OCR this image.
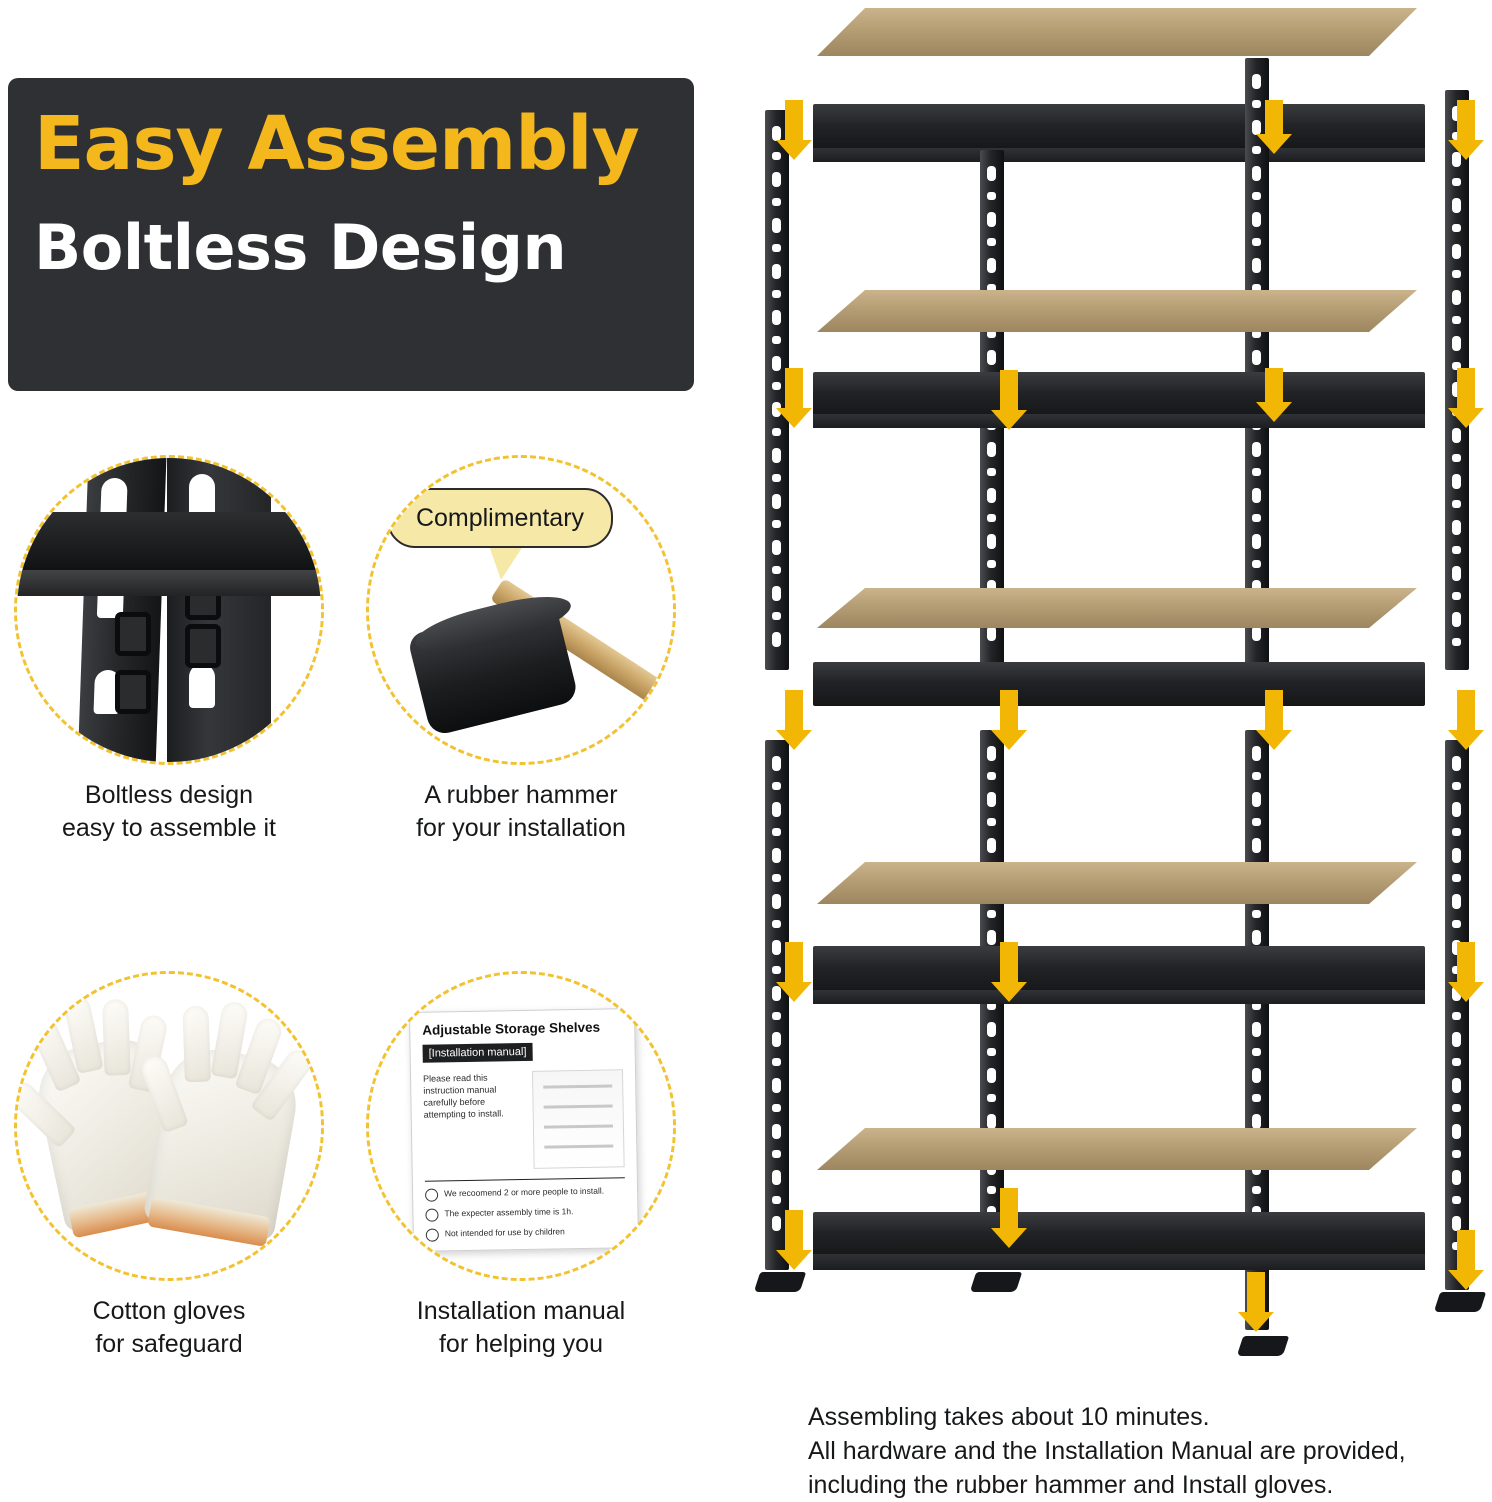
Easy Assembly
Boltless Design
Boltless design
easy to assemble it
Complimentary
A rubber hammer
for your installation
Cotton gloves
for safeguard
Adjustable Storage Shelves
[Installation manual]
Please read this instruction manual carefully before attempting to install.
We recoomend 2 or more people to install.
The expecter assembly time is 1h.
Not intended for use by children
Installation manual
for helping you
Assembling takes about 10 minutes.
All hardware and the Installation Manual are provided,
including the rubber hammer and Install gloves.
